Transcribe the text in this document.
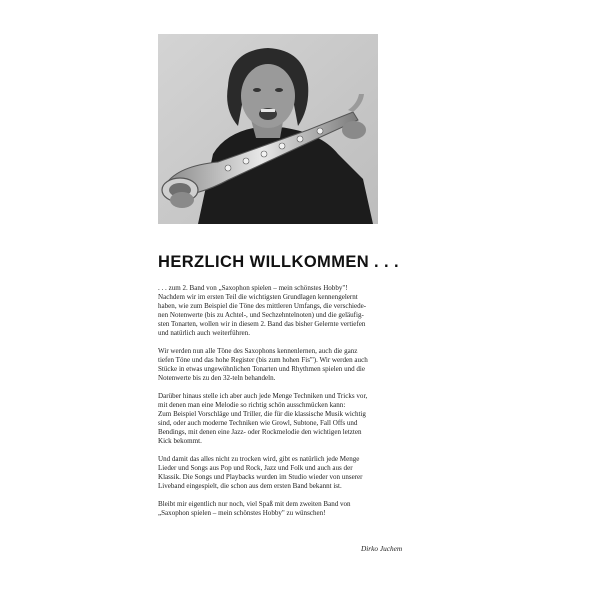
HERZLICH WILLKOMMEN . . .

. . . zum 2. Band von „Saxophon spielen – mein schönstes Hobby"!
Nachdem wir im ersten Teil die wichtigsten Grundlagen kennengelernt
haben, wie zum Beispiel die Töne des mittleren Umfangs, die verschiede-
nen Notenwerte (bis zu Achtel-, und Sechzehntelnoten) und die geläufig-
sten Tonarten, wollen wir in diesem 2. Band das bisher Gelernte vertiefen
und natürlich auch weiterführen.

Wir werden nun alle Töne des Saxophons kennenlernen, auch die ganz
tiefen Töne und das hohe Register (bis zum hohen Fis'''). Wir werden auch
Stücke in etwas ungewöhnlichen Tonarten und Rhythmen spielen und die
Notenwerte bis zu den 32-teln behandeln.

Darüber hinaus stelle ich aber auch jede Menge Techniken und Tricks vor,
mit denen man eine Melodie so richtig schön ausschmücken kann:
Zum Beispiel Vorschläge und Triller, die für die klassische Musik wichtig
sind, oder auch moderne Techniken wie Growl, Subtone, Fall Offs und
Bendings, mit denen eine Jazz- oder Rockmelodie den wichtigen letzten
Kick bekommt.

Und damit das alles nicht zu trocken wird, gibt es natürlich jede Menge
Lieder und Songs aus Pop und Rock, Jazz und Folk und auch aus der
Klassik. Die Songs und Playbacks wurden im Studio wieder von unserer
Liveband eingespielt, die schon aus dem ersten Band bekannt ist.

Bleibt mir eigentlich nur noch, viel Spaß mit dem zweiten Band von
„Saxophon spielen – mein schönstes Hobby" zu wünschen!

Dirko Juchem
